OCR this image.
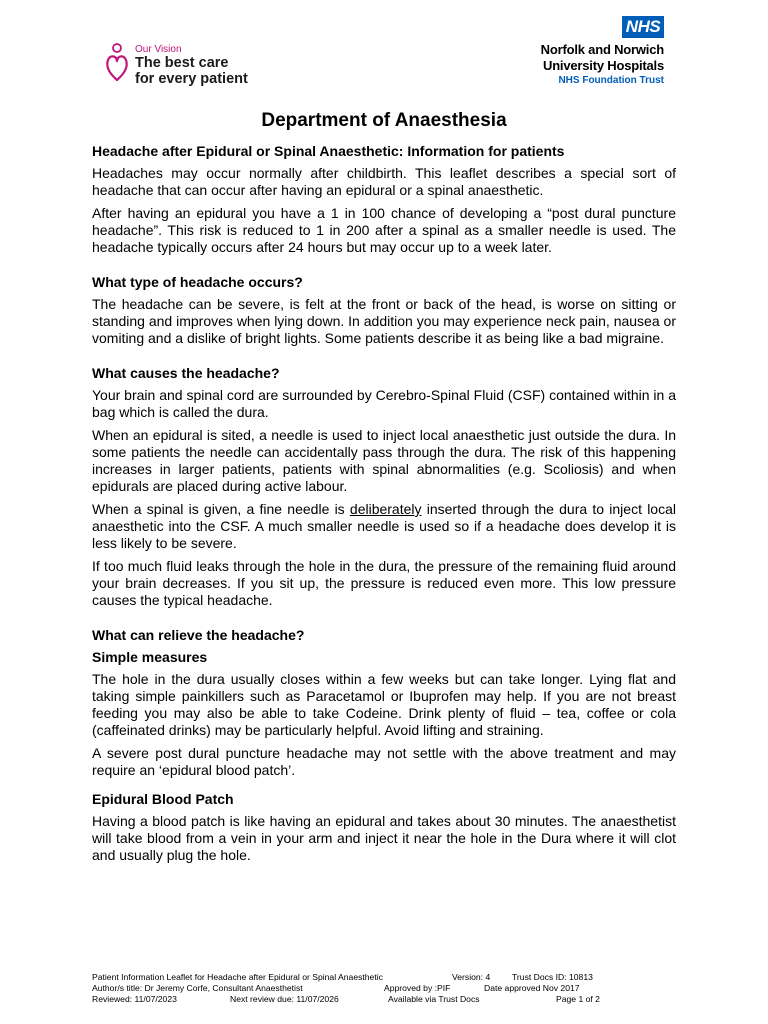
Our Vision
The best care
for every patient
NHS
Norfolk and Norwich
University Hospitals
NHS Foundation Trust
Department of Anaesthesia
Headache after Epidural or Spinal Anaesthetic: Information for patients

Headaches may occur normally after childbirth. This leaflet describes a special sort of headache that can occur after having an epidural or a spinal anaesthetic.

After having an epidural you have a 1 in 100 chance of developing a “post dural puncture headache”. This risk is reduced to 1 in 200 after a spinal as a smaller needle is used. The headache typically occurs after 24 hours but may occur up to a week later.

What type of headache occurs?

The headache can be severe, is felt at the front or back of the head, is worse on sitting or standing and improves when lying down. In addition you may experience neck pain, nausea or vomiting and a dislike of bright lights. Some patients describe it as being like a bad migraine.

What causes the headache?

Your brain and spinal cord are surrounded by Cerebro-Spinal Fluid (CSF) contained within in a bag which is called the dura.

When an epidural is sited, a needle is used to inject local anaesthetic just outside the dura. In some patients the needle can accidentally pass through the dura. The risk of this happening increases in larger patients, patients with spinal abnormalities (e.g. Scoliosis) and when epidurals are placed during active labour.

When a spinal is given, a fine needle is deliberately inserted through the dura to inject local anaesthetic into the CSF. A much smaller needle is used so if a headache does develop it is less likely to be severe.

If too much fluid leaks through the hole in the dura, the pressure of the remaining fluid around your brain decreases. If you sit up, the pressure is reduced even more. This low pressure causes the typical headache.

What can relieve the headache?
Simple measures

The hole in the dura usually closes within a few weeks but can take longer. Lying flat and taking simple painkillers such as Paracetamol or Ibuprofen may help. If you are not breast feeding you may also be able to take Codeine. Drink plenty of fluid – tea, coffee or cola (caffeinated drinks) may be particularly helpful. Avoid lifting and straining.

A severe post dural puncture headache may not settle with the above treatment and may require an ‘epidural blood patch’.

Epidural Blood Patch

Having a blood patch is like having an epidural and takes about 30 minutes. The anaesthetist will take blood from a vein in your arm and inject it near the hole in the Dura where it will clot and usually plug the hole.

Patient Information Leaflet for Headache after Epidural or Spinal Anaesthetic	Version: 4	Trust Docs ID: 10813
Author/s title: Dr Jeremy Corfe, Consultant Anaesthetist	Approved by :PIF	Date approved Nov 2017
Reviewed: 11/07/2023	Next review due: 11/07/2026	Available via Trust Docs	Page 1 of 2
